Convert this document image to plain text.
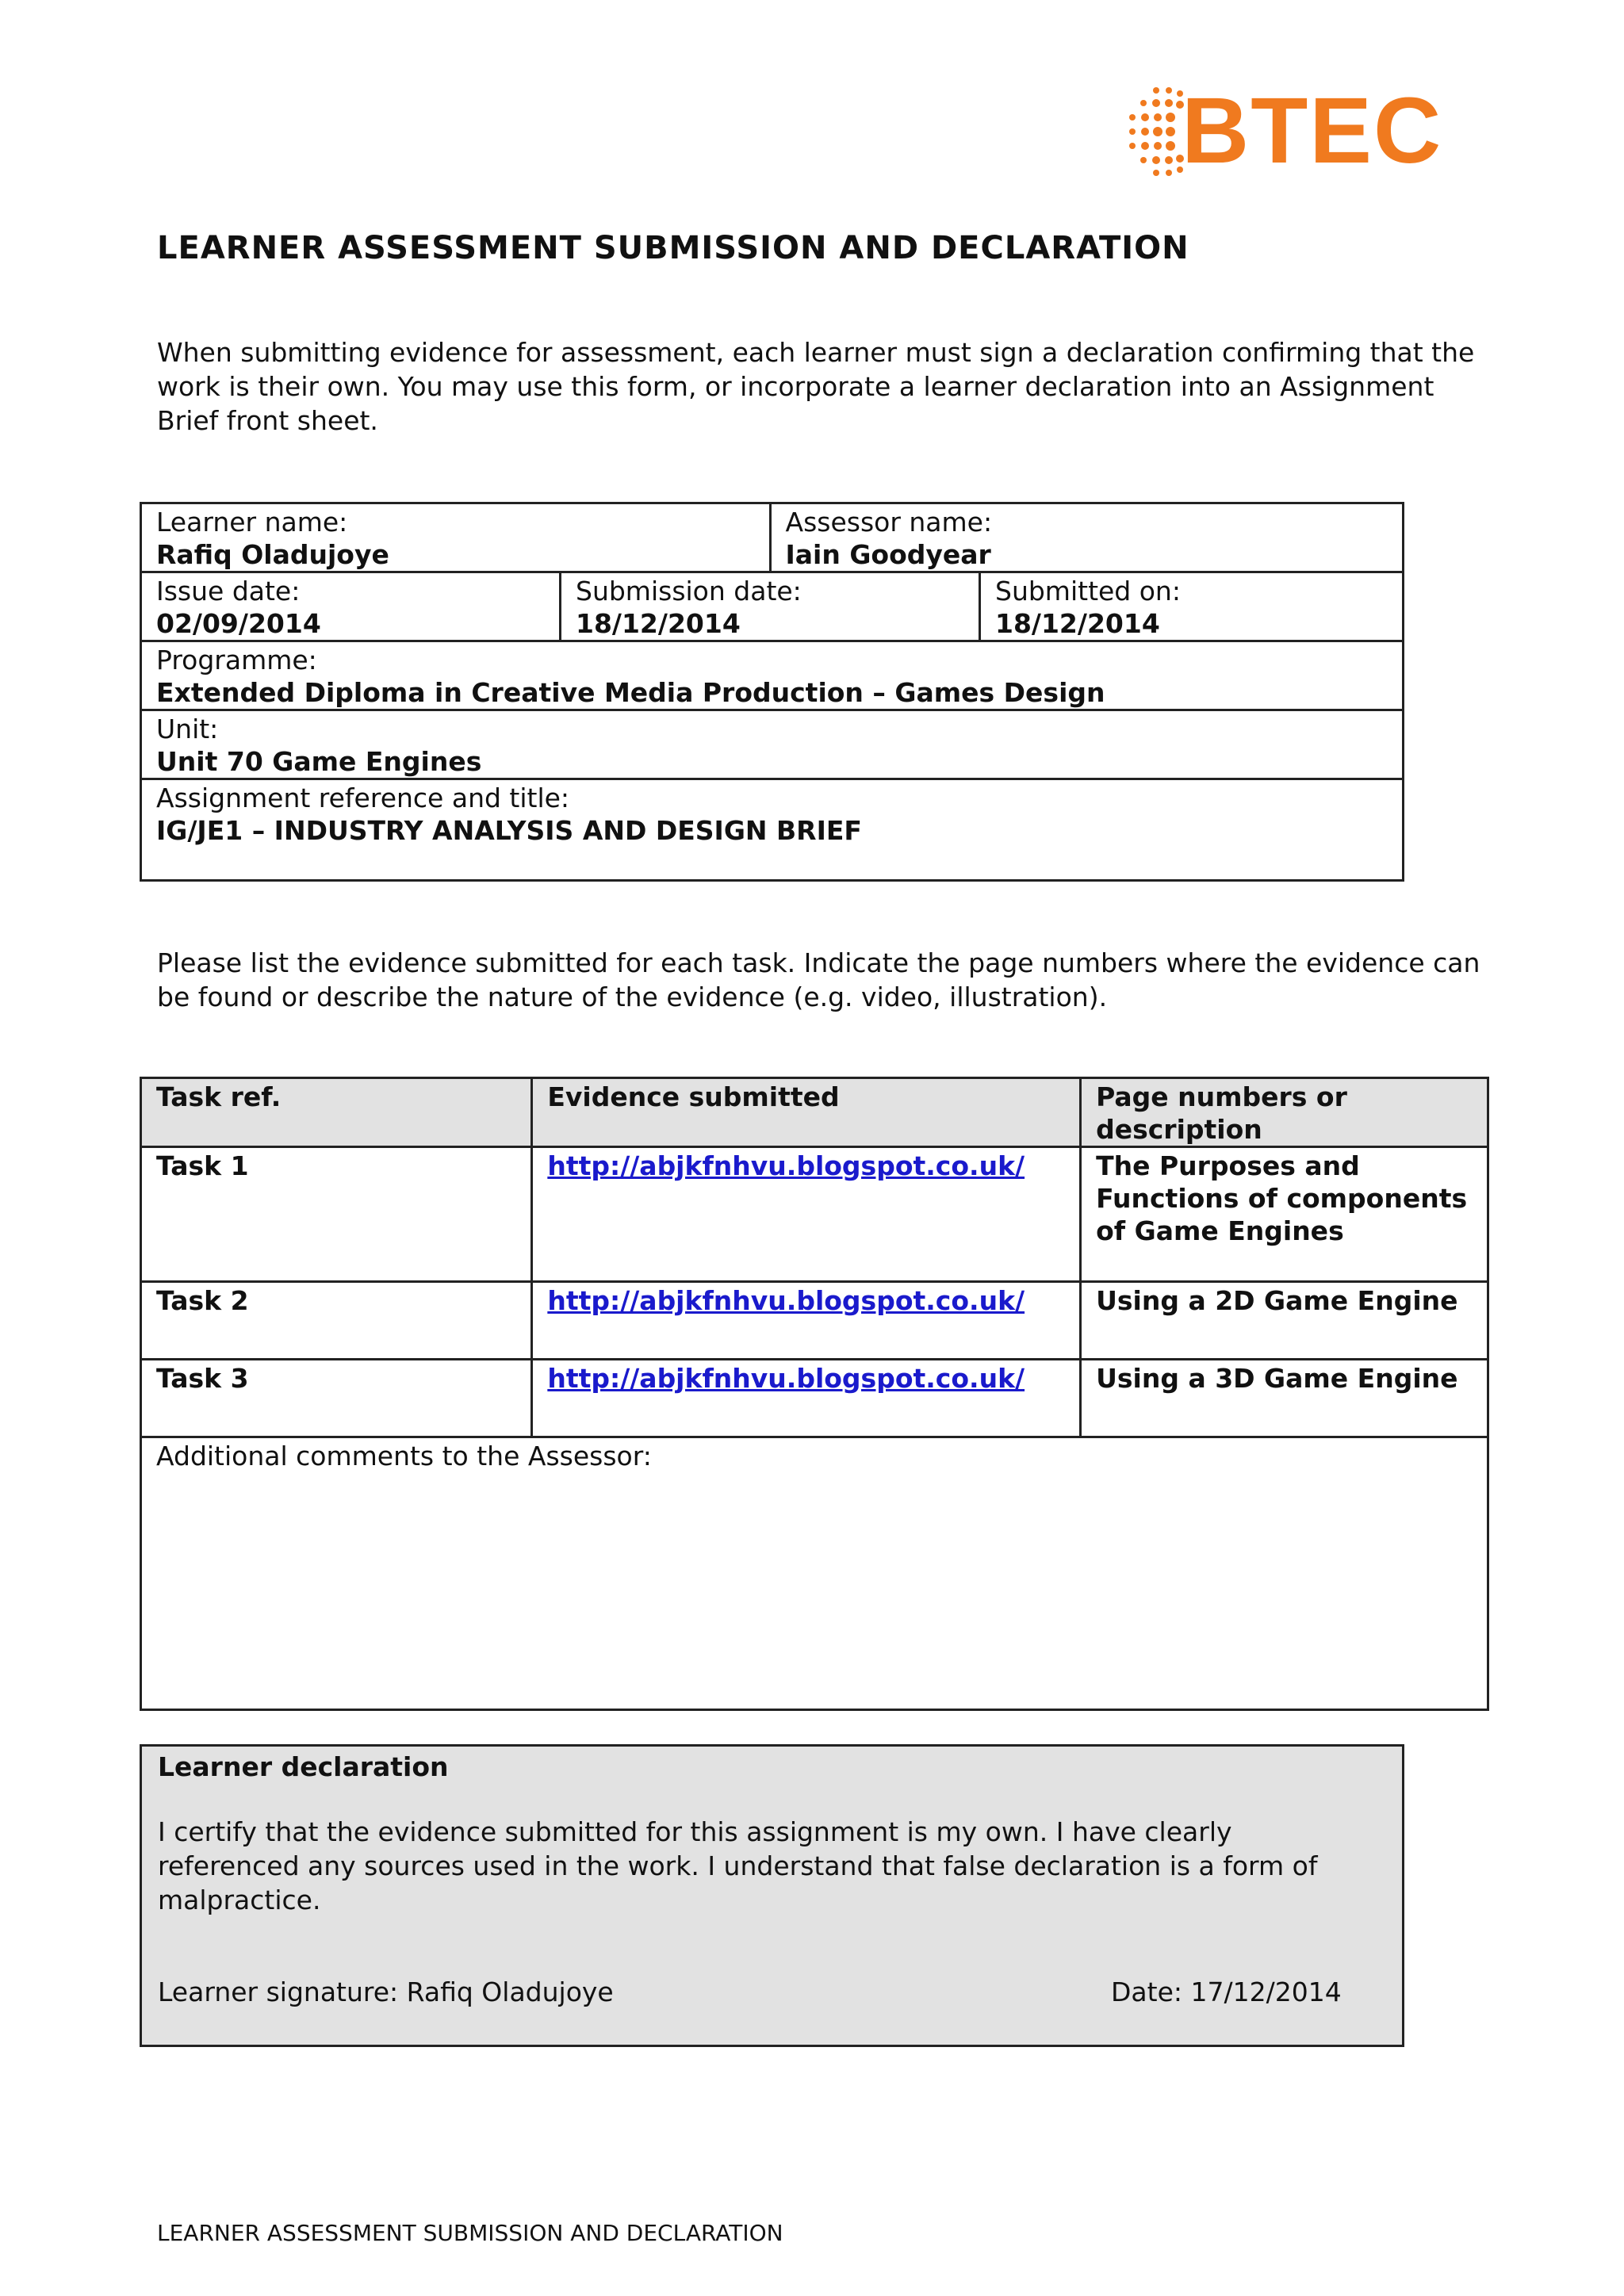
BTEC
LEARNER ASSESSMENT SUBMISSION AND DECLARATION
When submitting evidence for assessment, each learner must sign a declaration confirming that the work is their own. You may use this form, or incorporate a learner declaration into an Assignment Brief front sheet.
Learner name:
Rafiq Oladujoye		Assessor name:
Iain Goodyear	

Issue date:
02/09/2014	Submission date:
18/12/2014		Submitted on:
18/12/2014

Programme:
Extended Diploma in Creative Media Production – Games Design			

Unit:
Unit 70 Game Engines			

Assignment reference and title:
IG/JE1 – INDUSTRY ANALYSIS AND DESIGN BRIEF			
Please list the evidence submitted for each task. Indicate the page numbers where the evidence can be found or describe the nature of the evidence (e.g. video, illustration).
Task ref.	Evidence submitted	Page numbers or description
Task 1	http://abjkfnhvu.blogspot.co.uk/	The Purposes and Functions of components of Game Engines
Task 2	http://abjkfnhvu.blogspot.co.uk/	Using a 2D Game Engine
Task 3	http://abjkfnhvu.blogspot.co.uk/	Using a 3D Game Engine
Additional comments to the Assessor:		
Learner declaration
I certify that the evidence submitted for this assignment is my own. I have clearly referenced any sources used in the work. I understand that false declaration is a form of malpractice.
Learner signature: Rafiq Oladujoye	Date: 17/12/2014
LEARNER ASSESSMENT SUBMISSION AND DECLARATION
